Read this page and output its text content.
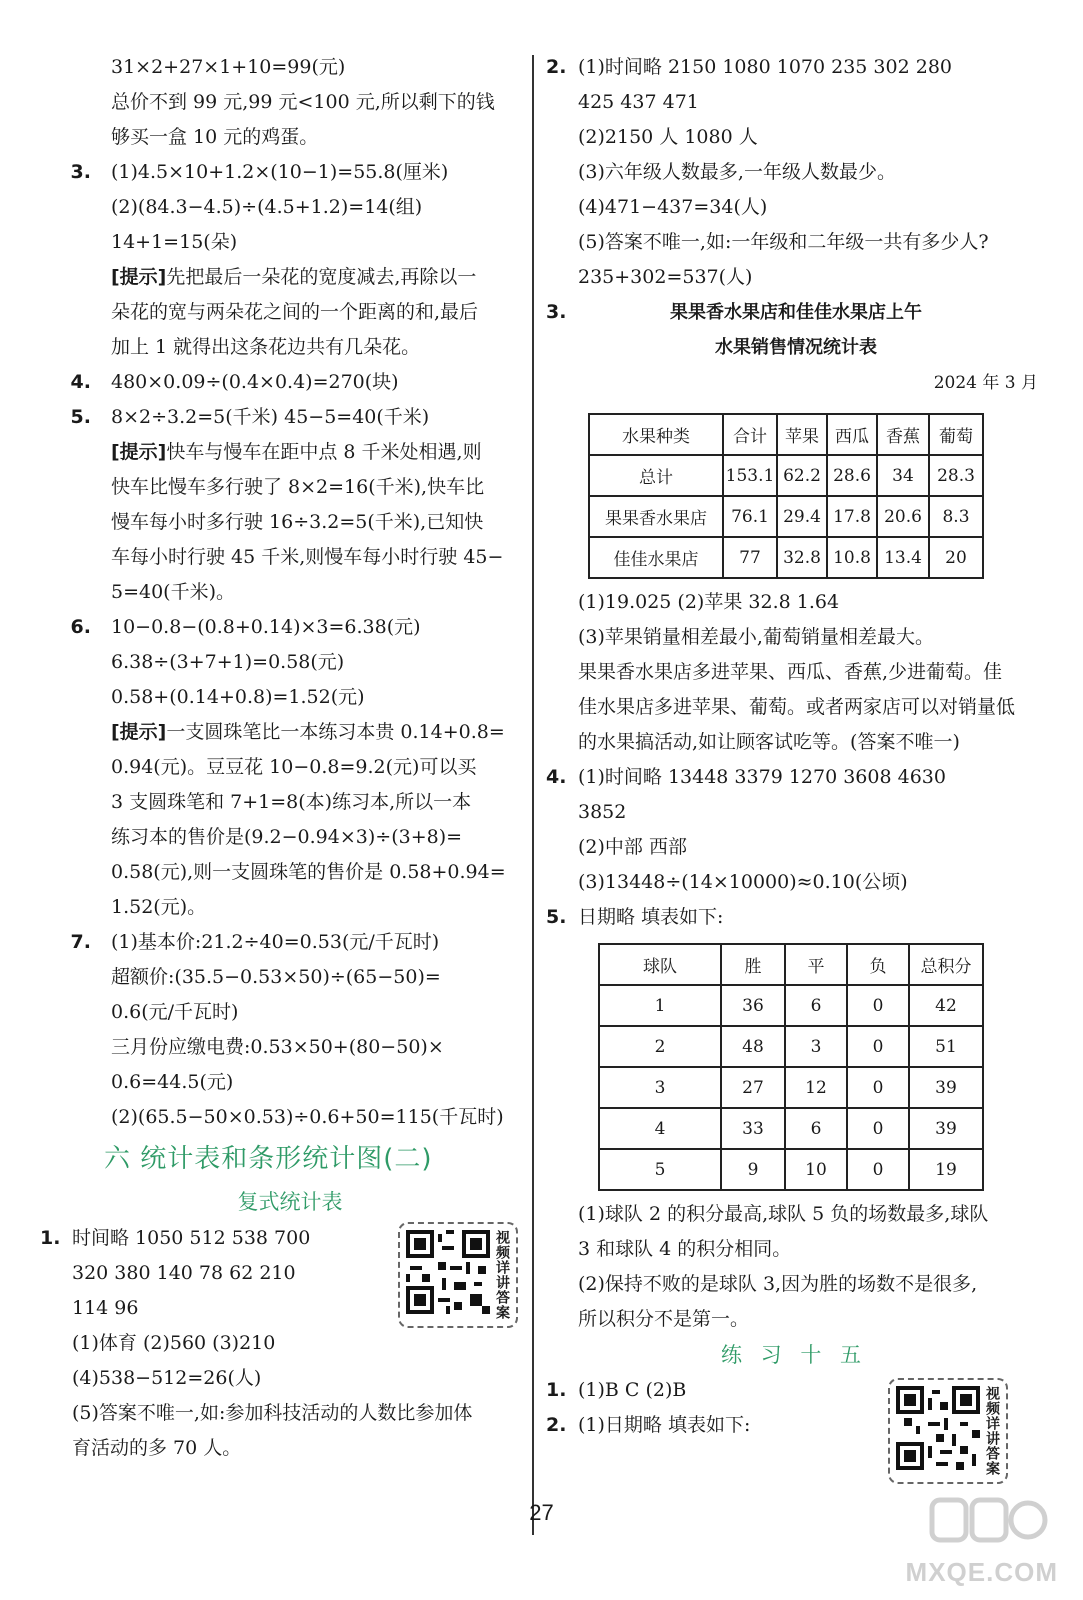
31×2+27×1+10=99(元)
总价不到 99 元,99 元<100 元,所以剩下的钱
够买一盒 10 元的鸡蛋。
3. (1)4.5×10+1.2×(10−1)=55.8(厘米)
(2)(84.3−4.5)÷(4.5+1.2)=14(组)
14+1=15(朵)
[提示]先把最后一朵花的宽度减去,再除以一
朵花的宽与两朵花之间的一个距离的和,最后
加上 1 就得出这条花边共有几朵花。
4. 480×0.09÷(0.4×0.4)=270(块)
5. 8×2÷3.2=5(千米) 45−5=40(千米)
[提示]快车与慢车在距中点 8 千米处相遇,则
快车比慢车多行驶了 8×2=16(千米),快车比
慢车每小时多行驶 16÷3.2=5(千米),已知快
车每小时行驶 45 千米,则慢车每小时行驶 45−
5=40(千米)。
6. 10−0.8−(0.8+0.14)×3=6.38(元)
6.38÷(3+7+1)=0.58(元)
0.58+(0.14+0.8)=1.52(元)
[提示]一支圆珠笔比一本练习本贵 0.14+0.8=
0.94(元)。豆豆花 10−0.8=9.2(元)可以买
3 支圆珠笔和 7+1=8(本)练习本,所以一本
练习本的售价是(9.2−0.94×3)÷(3+8)=
0.58(元),则一支圆珠笔的售价是 0.58+0.94=
1.52(元)。
7. (1)基本价:21.2÷40=0.53(元/千瓦时)
超额价:(35.5−0.53×50)÷(65−50)=
0.6(元/千瓦时)
三月份应缴电费:0.53×50+(80−50)×
0.6=44.5(元)
(2)(65.5−50×0.53)÷0.6+50=115(千瓦时)
六 统计表和条形统计图(二)
复式统计表
1. 时间略 1050 512 538 700
320 380 140 78 62 210
114 96
(1)体育 (2)560 (3)210
(4)538−512=26(人)
(5)答案不唯一,如:参加科技活动的人数比参加体
育活动的多 70 人。
视频详讲答案
2. (1)时间略 2150 1080 1070 235 302 280
425 437 471
(2)2150 人 1080 人
(3)六年级人数最多,一年级人数最少。
(4)471−437=34(人)
(5)答案不唯一,如:一年级和二年级一共有多少人?
235+302=537(人)
3.	果果香水果店和佳佳水果店上午
水果销售情况统计表
2024 年 3 月
水果种类	合计	苹果	西瓜	香蕉	葡萄
总计	153.1	62.2	28.6	34	28.3
果果香水果店	76.1	29.4	17.8	20.6	8.3
佳佳水果店	77	32.8	10.8	13.4	20
(1)19.025 (2)苹果 32.8 1.64
(3)苹果销量相差最小,葡萄销量相差最大。
果果香水果店多进苹果、西瓜、香蕉,少进葡萄。佳
佳水果店多进苹果、葡萄。或者两家店可以对销量低
的水果搞活动,如让顾客试吃等。(答案不唯一)
4. (1)时间略 13448 3379 1270 3608 4630
3852
(2)中部 西部
(3)13448÷(14×10000)≈0.10(公顷)
5. 日期略 填表如下:
球队	胜	平	负	总积分
1	36	6	0	42
2	48	3	0	51
3	27	12	0	39
4	33	6	0	39
5	9	10	0	19
(1)球队 2 的积分最高,球队 5 负的场数最多,球队
3 和球队 4 的积分相同。
(2)保持不败的是球队 3,因为胜的场数不是很多,
所以积分不是第一。
练 习 十 五
1. (1)B C (2)B
2. (1)日期略 填表如下:	视频详讲答案
27
MXQE.COM
